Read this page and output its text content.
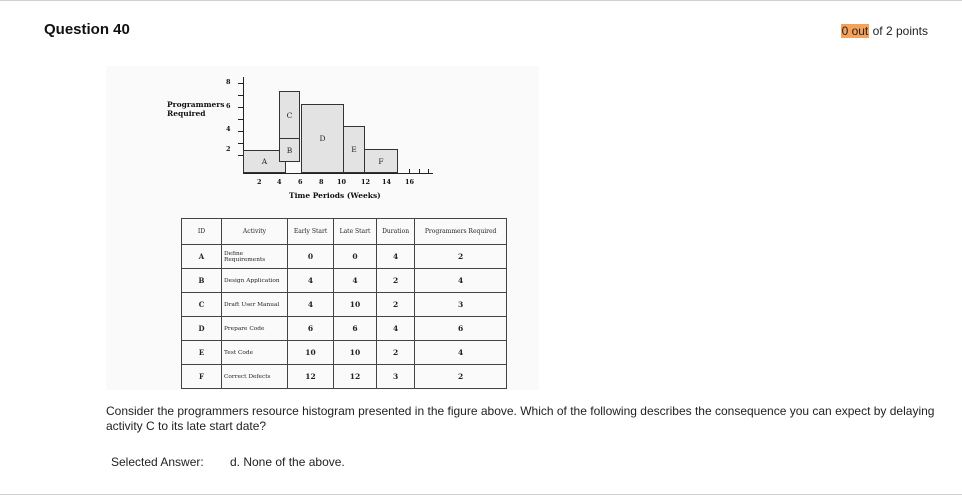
Question 40	0 out of 2 points
Programmers
Required
8
6
4
2
A
B
C
D
E
F
2 4	6	8 10 12 14 16
Time Periods (Weeks)
ID	Activity	Early Start	Late Start	Duration	Programmers Required
A	Define Requirements	0	0	4	2
B	Design Application	4	4	2	4
C	Draft User Manual	4	10	2	3
D	Prepare Code	6	6	4	6
E	Test Code	10	10	2	4
F	Correct Defects	12	12	3	2
Consider the programmers resource histogram presented in the figure above. Which of the following describes the consequence you can expect by delaying activity C to its late start date?
Selected Answer: d. None of the above.
